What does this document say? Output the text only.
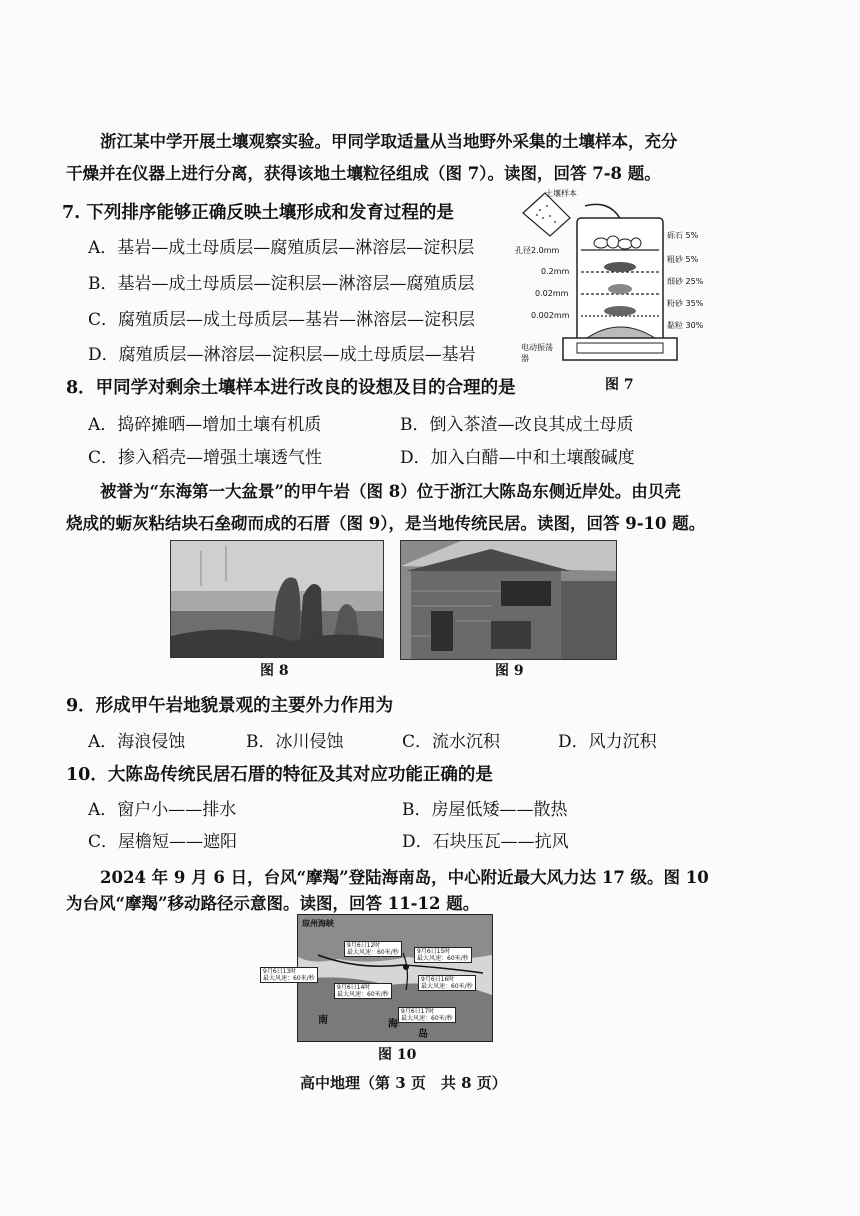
浙江某中学开展土壤观察实验。甲同学取适量从当地野外采集的土壤样本，充分
干燥并在仪器上进行分离，获得该地土壤粒径组成（图 7）。读图，回答 7-8 题。
7. 下列排序能够正确反映土壤形成和发育过程的是
A．基岩—成土母质层—腐殖质层—淋溶层—淀积层
B．基岩—成土母质层—淀积层—淋溶层—腐殖质层
C．腐殖质层—成土母质层—基岩—淋溶层—淀积层
D．腐殖质层—淋溶层—淀积层—成土母质层—基岩
土壤样本
孔径2.0mm
0.2mm
0.02mm
0.002mm
砾石 5%
粗砂 5%
细砂 25%
粉砂 35%
黏粒 30%
电动振荡器
图 7
8．甲同学对剩余土壤样本进行改良的设想及目的合理的是
A．捣碎摊晒—增加土壤有机质	B．倒入茶渣—改良其成土母质
C．掺入稻壳—增强土壤透气性	D．加入白醋—中和土壤酸碱度
被誉为“东海第一大盆景”的甲午岩（图 8）位于浙江大陈岛东侧近岸处。由贝壳
烧成的蛎灰粘结块石垒砌而成的石厝（图 9），是当地传统民居。读图，回答 9-10 题。
图 8	图 9
9．形成甲午岩地貌景观的主要外力作用为
A．海浪侵蚀	B．冰川侵蚀	C．流水沉积	D．风力沉积
10．大陈岛传统民居石厝的特征及其对应功能正确的是
A．窗户小——排水	B．房屋低矮——散热
C．屋檐短——遮阳	D．石块压瓦——抗风
2024 年 9 月 6 日，台风“摩羯”登陆海南岛，中心附近最大风力达 17 级。图 10
为台风“摩羯”移动路径示意图。读图，回答 11-12 题。
琼州海峡
海
南
岛
9月6日12时
最大风速：60米/秒	9月6日15时
最大风速：60米/秒
9月6日13时
最大风速：60米/秒	9月6日16时
最大风速：60米/秒
9月6日14时
最大风速：60米/秒
9月6日17时
最大风速：60米/秒
图 10
高中地理（第 3 页　共 8 页）
